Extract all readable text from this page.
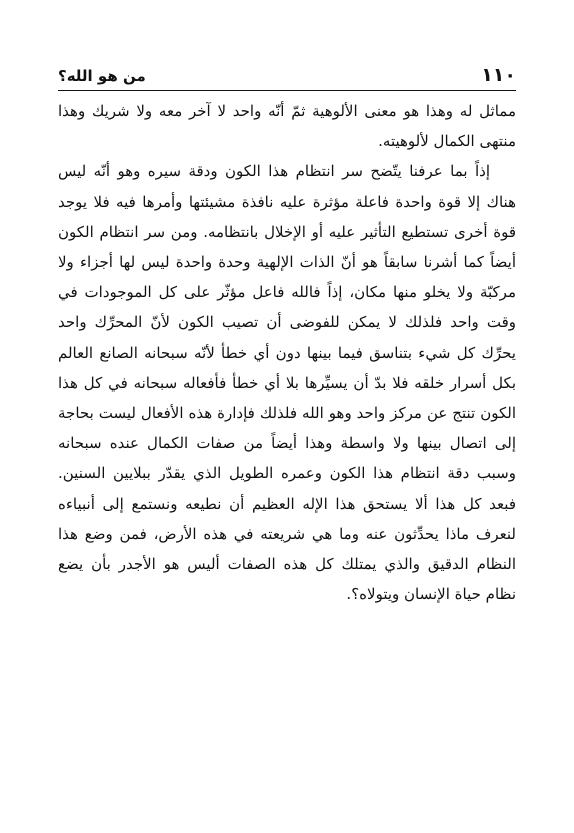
١١٠
من هو الله؟

مماثل له وهذا هو معنى الألوهية ثمّ أنّه واحد لا آخر معه ولا شريك وهذا منتهى الكمال لألوهيته.

إذاً بما عرفنا يتّضح سر انتظام هذا الكون ودقة سيره وهو أنّه ليس هناك إلا قوة واحدة فاعلة مؤثرة عليه نافذة مشيئتها وأمرها فيه فلا يوجد قوة أخرى تستطيع التأثير عليه أو الإخلال بانتظامه. ومن سر انتظام الكون أيضاً كما أشرنا سابقاً هو أنّ الذات الإلهية وحدة واحدة ليس لها أجزاء ولا مركبّة ولا يخلو منها مكان، إذاً فالله فاعل مؤثّر على كل الموجودات في وقت واحد فلذلك لا يمكن للفوضى أن تصيب الكون لأنّ المحرِّك واحد يحرِّك كل شيء بتناسق فيما بينها دون أي خطأ لأنّه سبحانه الصانع العالم بكل أسرار خلقه فلا بدّ أن يسيِّرها بلا أي خطأ فأفعاله سبحانه في كل هذا الكون تنتج عن مركز واحد وهو الله فلذلك فإدارة هذه الأفعال ليست بحاجة إلى اتصال بينها ولا واسطة وهذا أيضاً من صفات الكمال عنده سبحانه وسبب دقة انتظام هذا الكون وعمره الطويل الذي يقدّر ببلايين السنين. فبعد كل هذا ألا يستحق هذا الإله العظيم أن نطيعه ونستمع إلى أنبياءه لنعرف ماذا يحدِّثون عنه وما هي شريعته في هذه الأرض، فمن وضع هذا النظام الدقيق والذي يمتلك كل هذه الصفات أليس هو الأجدر بأن يضع نظام حياة الإنسان ويتولاه؟.
